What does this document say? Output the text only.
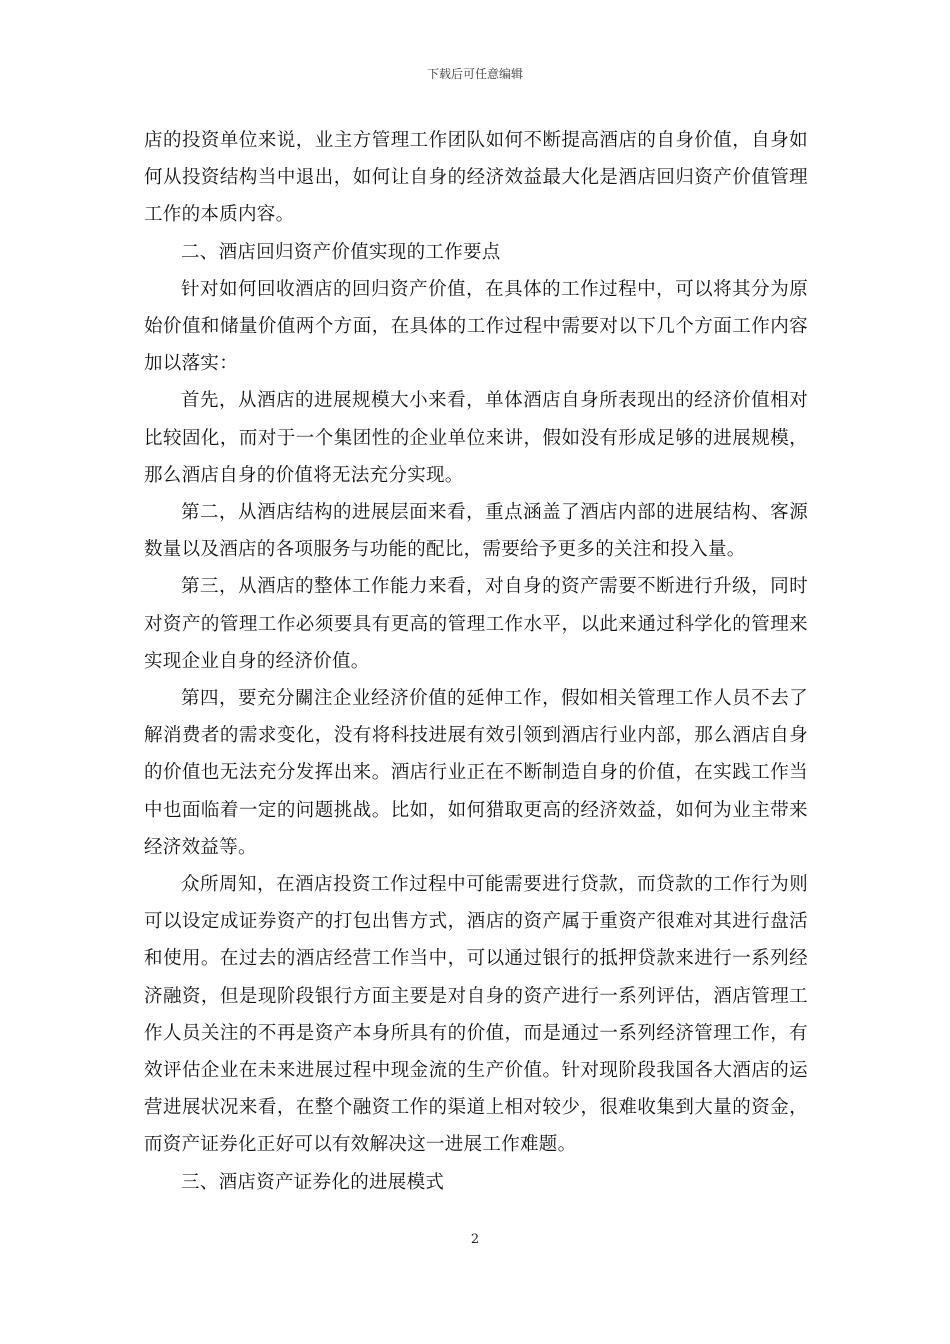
下载后可任意编辑

店的投资单位来说，业主方管理工作团队如何不断提高酒店的自身价值，自身如何从投资结构当中退出，如何让自身的经济效益最大化是酒店回归资产价值管理工作的本质内容。

二、酒店回归资产价值实现的工作要点

针对如何回收酒店的回归资产价值，在具体的工作过程中，可以将其分为原始价值和储量价值两个方面，在具体的工作过程中需要对以下几个方面工作内容加以落实：

首先，从酒店的进展规模大小来看，单体酒店自身所表现出的经济价值相对比较固化，而对于一个集团性的企业单位来讲，假如没有形成足够的进展规模，那么酒店自身的价值将无法充分实现。

第二，从酒店结构的进展层面来看，重点涵盖了酒店内部的进展结构、客源数量以及酒店的各项服务与功能的配比，需要给予更多的关注和投入量。

第三，从酒店的整体工作能力来看，对自身的资产需要不断进行升级，同时对资产的管理工作必须要具有更高的管理工作水平，以此来通过科学化的管理来实现企业自身的经济价值。

第四，要充分關注企业经济价值的延伸工作，假如相关管理工作人员不去了解消费者的需求变化，没有将科技进展有效引领到酒店行业内部，那么酒店自身的价值也无法充分发挥出来。酒店行业正在不断制造自身的价值，在实践工作当中也面临着一定的问题挑战。比如，如何猎取更高的经济效益，如何为业主带来经济效益等。

众所周知，在酒店投资工作过程中可能需要进行贷款，而贷款的工作行为则可以设定成证券资产的打包出售方式，酒店的资产属于重资产很难对其进行盘活和使用。在过去的酒店经营工作当中，可以通过银行的抵押贷款来进行一系列经济融资，但是现阶段银行方面主要是对自身的资产进行一系列评估，酒店管理工作人员关注的不再是资产本身所具有的价值，而是通过一系列经济管理工作，有效评估企业在未来进展过程中现金流的生产价值。针对现阶段我国各大酒店的运营进展状况来看，在整个融资工作的渠道上相对较少，很难收集到大量的资金，而资产证券化正好可以有效解决这一进展工作难题。

三、酒店资产证券化的进展模式

2
